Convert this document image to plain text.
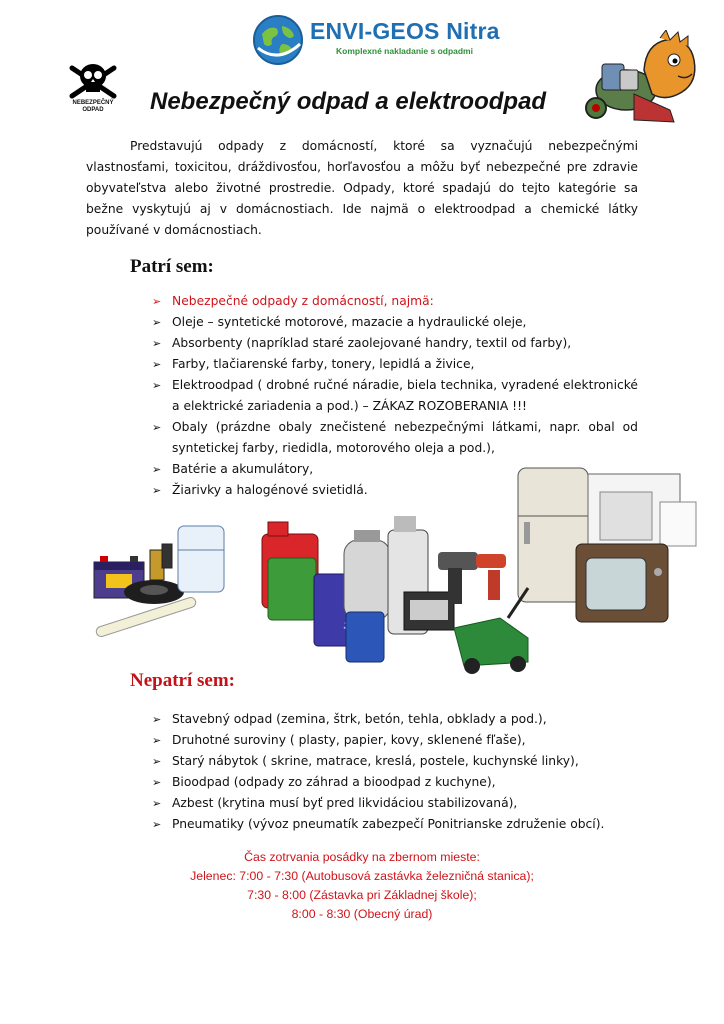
ENVI-GEOS Nitra
Komplexné nakladanie s odpadmi
NEBEZPEČNÝ
ODPAD	Nebezpečný odpad a elektroodpad

Predstavujú odpady z domácností, ktoré sa vyznačujú nebezpečnými vlastnosťami, toxicitou, dráždivosťou, horľavosťou a môžu byť nebezpečné pre zdravie obyvateľstva alebo životné prostredie. Odpady, ktoré spadajú do tejto kategórie sa bežne vyskytujú aj v domácnostiach. Ide najmä o elektroodpad a chemické látky používané v domácnostiach.

Patrí sem:
➢ Nebezpečné odpady z domácností, najmä:
➢ Oleje – syntetické motorové, mazacie a hydraulické oleje,
➢ Absorbenty (napríklad staré zaolejované handry, textil od farby),
➢ Farby, tlačiarenské farby, tonery, lepidlá a živice,
➢ Elektroodpad ( drobné ručné náradie, biela technika, vyradené elektronické a elektrické zariadenia a pod.) – ZÁKAZ ROZOBERANIA !!!
➢ Obaly (prázdne obaly znečistené nebezpečnými látkami, napr. obal od syntetickej farby, riedidla, motorového oleja a pod.),
➢ Batérie a akumulátory,
➢ Žiarivky a halogénové svietidlá.
Nepatrí sem:
➢ Stavebný odpad (zemina, štrk, betón, tehla, obklady a pod.),
➢ Druhotné suroviny ( plasty, papier, kovy, sklenené fľaše),
➢ Starý nábytok ( skrine, matrace, kreslá, postele, kuchynské linky),
➢ Bioodpad (odpady zo záhrad a bioodpad z kuchyne),
➢ Azbest (krytina musí byť pred likvidáciou stabilizovaná),
➢ Pneumatiky (vývoz pneumatík zabezpečí Ponitrianske združenie obcí).
Čas zotrvania posádky na zbernom mieste:
Jelenec: 7:00 - 7:30 (Autobusová zastávka železničná stanica);
7:30 - 8:00 (Zástavka pri Základnej škole);
8:00 - 8:30 (Obecný úrad)
